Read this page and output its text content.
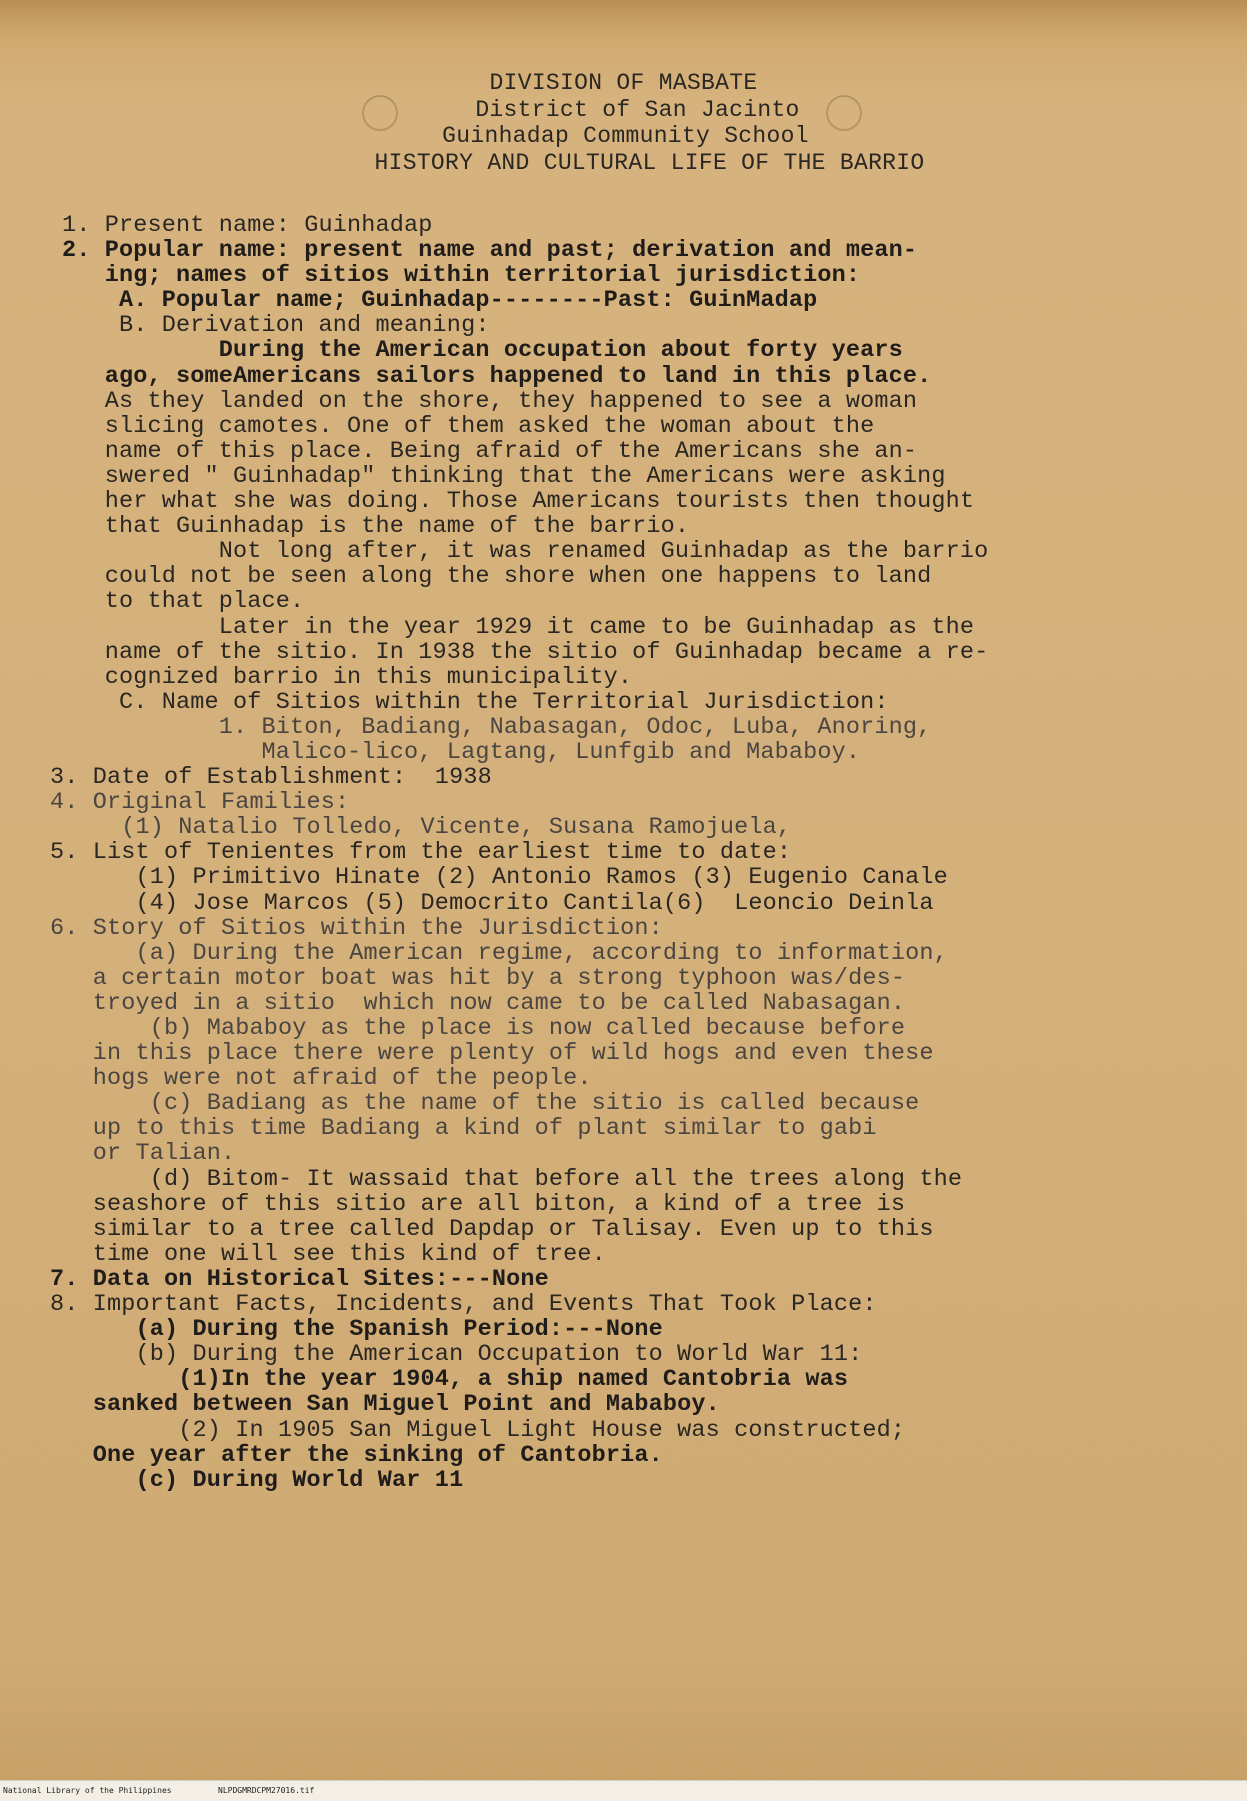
DIVISION OF MASBATE
District of San Jacinto
Guinhadap Community School
HISTORY AND CULTURAL LIFE OF THE BARRIO
1. Present name: Guinhadap
2. Popular name: present name and past; derivation and mean-
ing; names of sitios within territorial jurisdiction:
A. Popular name; Guinhadap--------Past: GuinMadap
B. Derivation and meaning:
During the American occupation about forty years
ago, someAmericans sailors happened to land in this place.
As they landed on the shore, they happened to see a woman
slicing camotes. One of them asked the woman about the
name of this place. Being afraid of the Americans she an-
swered " Guinhadap" thinking that the Americans were asking
her what she was doing. Those Americans tourists then thought
that Guinhadap is the name of the barrio.
Not long after, it was renamed Guinhadap as the barrio
could not be seen along the shore when one happens to land
to that place.
Later in the year 1929 it came to be Guinhadap as the
name of the sitio. In 1938 the sitio of Guinhadap became a re-
cognized barrio in this municipality.
C. Name of Sitios within the Territorial Jurisdiction:
1. Biton, Badiang, Nabasagan, Odoc, Luba, Anoring,
Malico-lico, Lagtang, Lunfgib and Mababoy.
3. Date of Establishment:  1938
4. Original Families:
(1) Natalio Tolledo, Vicente, Susana Ramojuela,
5. List of Tenientes from the earliest time to date:
(1) Primitivo Hinate (2) Antonio Ramos (3) Eugenio Canale
(4) Jose Marcos (5) Democrito Cantila(6)  Leoncio Deinla
6. Story of Sitios within the Jurisdiction:
(a) During the American regime, according to information,
a certain motor boat was hit by a strong typhoon was/des-
troyed in a sitio  which now came to be called Nabasagan.
(b) Mababoy as the place is now called because before
in this place there were plenty of wild hogs and even these
hogs were not afraid of the people.
(c) Badiang as the name of the sitio is called because
up to this time Badiang a kind of plant similar to gabi
or Talian.
(d) Bitom- It wassaid that before all the trees along the
seashore of this sitio are all biton, a kind of a tree is
similar to a tree called Dapdap or Talisay. Even up to this
time one will see this kind of tree.
7. Data on Historical Sites:---None
8. Important Facts, Incidents, and Events That Took Place:
(a) During the Spanish Period:---None
(b) During the American Occupation to World War 11:
(1)In the year 1904, a ship named Cantobria was
sanked between San Miguel Point and Mababoy.
(2) In 1905 San Miguel Light House was constructed;
One year after the sinking of Cantobria.
(c) During World War 11
National Library of the Philippines	NLPDGMRDCPM27016.tif
